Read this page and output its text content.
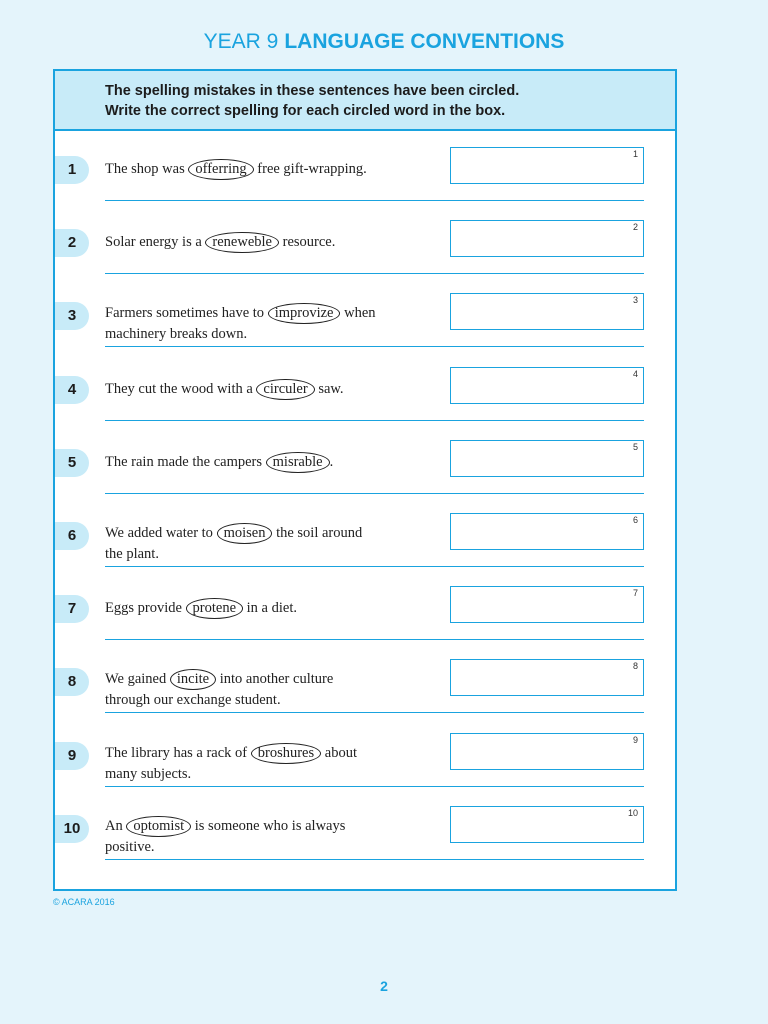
YEAR 9 LANGUAGE CONVENTIONS
The spelling mistakes in these sentences have been circled.
Write the correct spelling for each circled word in the box.
1	The shop was offerring free gift-wrapping.
1
2	Solar energy is a reneweble resource.
2
3	Farmers sometimes have to improvize when
machinery breaks down.
3
4	They cut the wood with a circuler saw.
4
5	The rain made the campers misrable .
5
6	We added water to moisen the soil around
the plant.
6
7	Eggs provide protene in a diet.
7
8	We gained incite into another culture
through our exchange student.
8
9	The library has a rack of broshures about
many subjects.
9
10	An optomist is someone who is always
positive.
10
© ACARA 2016
2
